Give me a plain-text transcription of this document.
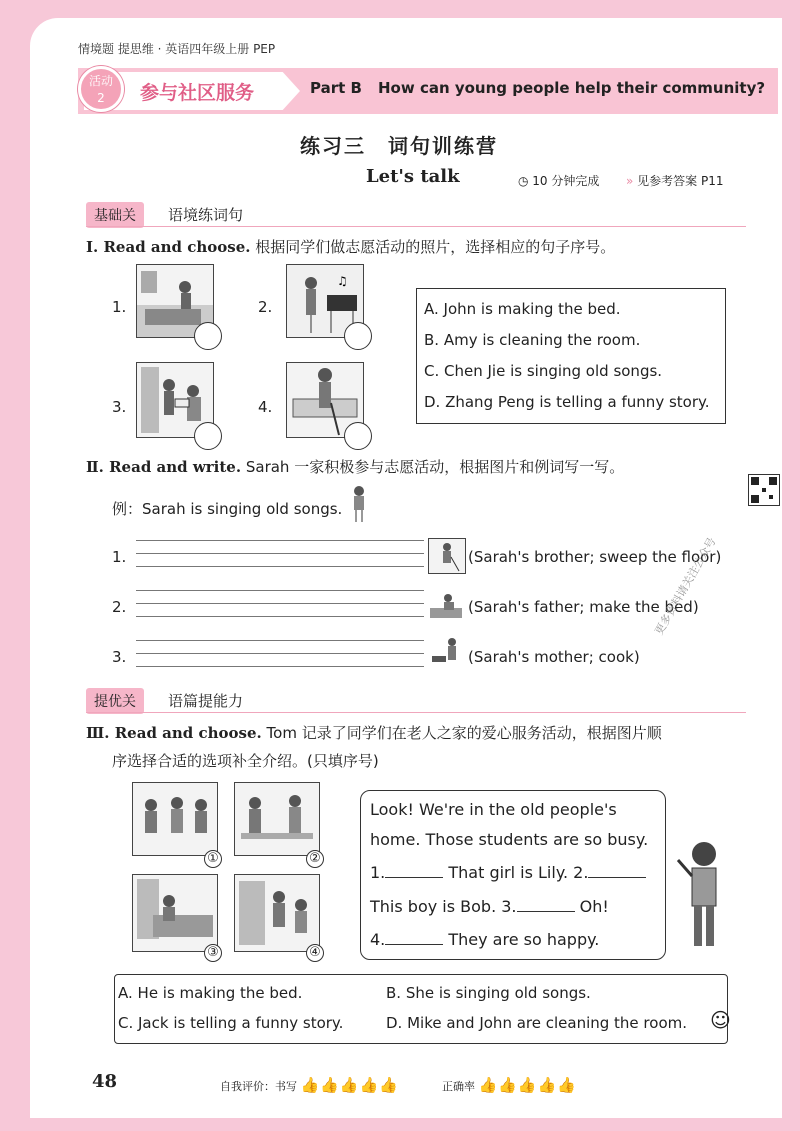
情境题 提思维 · 英语四年级上册 PEP
活动
2	参与社区服务	Part B How can young people help their community?
练习三　词句训练营
Let's talk	◷ 10 分钟完成 » 见参考答案 P11
基础关	语境练词句
Ⅰ. Read and choose. 根据同学们做志愿活动的照片，选择相应的句子序号。
1.	2.
♫
3.	4.
A. John is making the bed.
B. Amy is cleaning the room.
C. Chen Jie is singing old songs.
D. Zhang Peng is telling a funny story.
Ⅱ. Read and write. Sarah 一家积极参与志愿活动，根据图片和例词写一写。
例：Sarah is singing old songs.
1.	(Sarah's brother; sweep the floor)
2.	(Sarah's father; make the bed)
3.	(Sarah's mother; cook)
提优关	语篇提能力
Ⅲ. Read and choose. Tom 记录了同学们在老人之家的爱心服务活动，根据图片顺
序选择合适的选项补全介绍。(只填序号)
①	②
③	④
Look! We're in the old people's
home. Those students are so busy.
1.	That girl is Lily. 2.
This boy is Bob. 3.	Oh!
4.	They are so happy.
A. He is making the bed.	B. She is singing old songs.
C. Jack is telling a funny story.	D. Mike and John are cleaning the room. ☺
更多资料请关注公众号
48	自我评价：书写 👍👍👍👍👍	正确率 👍👍👍👍👍
